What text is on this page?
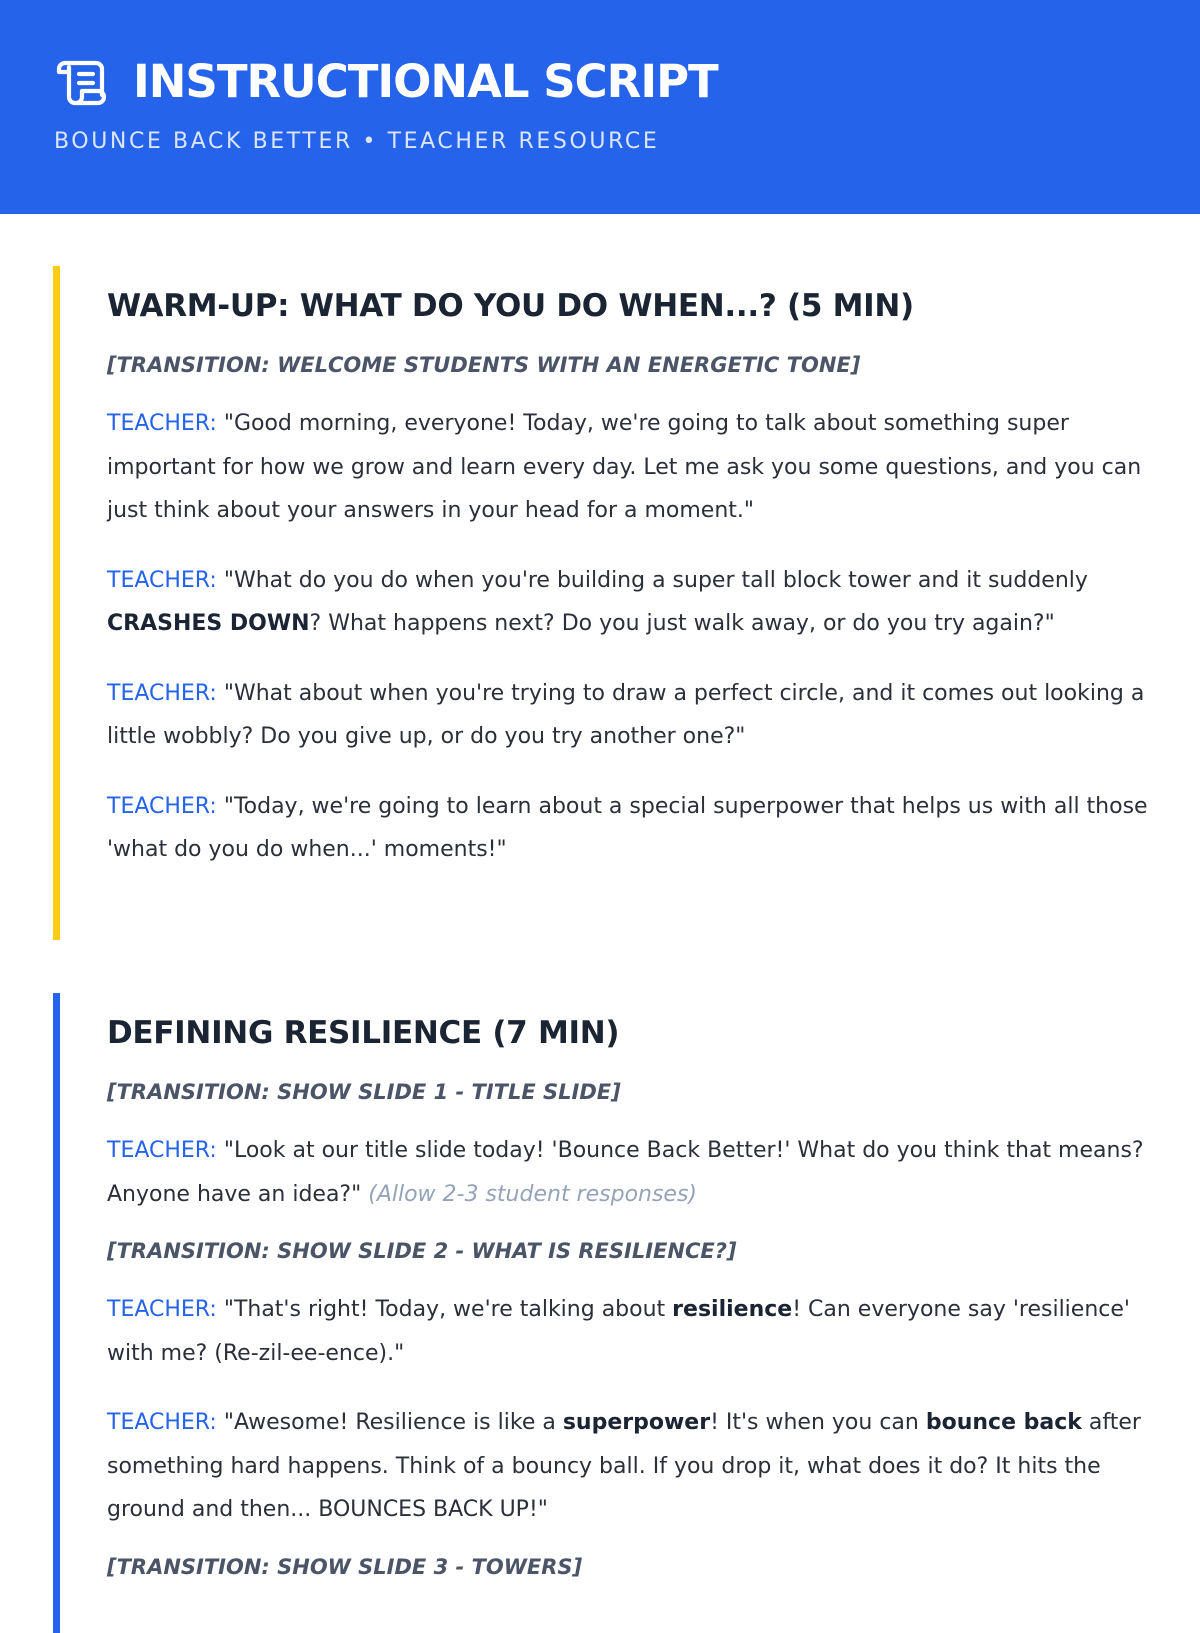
INSTRUCTIONAL SCRIPT
BOUNCE BACK BETTER • TEACHER RESOURCE
WARM-UP: WHAT DO YOU DO WHEN...? (5 MIN)
[TRANSITION: WELCOME STUDENTS WITH AN ENERGETIC TONE]
TEACHER: "Good morning, everyone! Today, we're going to talk about something super important for how we grow and learn every day. Let me ask you some questions, and you can just think about your answers in your head for a moment."
TEACHER: "What do you do when you're building a super tall block tower and it suddenly CRASHES DOWN? What happens next? Do you just walk away, or do you try again?"
TEACHER: "What about when you're trying to draw a perfect circle, and it comes out looking a little wobbly? Do you give up, or do you try another one?"
TEACHER: "Today, we're going to learn about a special superpower that helps us with all those 'what do you do when...' moments!"
DEFINING RESILIENCE (7 MIN)
[TRANSITION: SHOW SLIDE 1 - TITLE SLIDE]
TEACHER: "Look at our title slide today! 'Bounce Back Better!' What do you think that means? Anyone have an idea?" (Allow 2-3 student responses)
[TRANSITION: SHOW SLIDE 2 - WHAT IS RESILIENCE?]
TEACHER: "That's right! Today, we're talking about resilience! Can everyone say 'resilience' with me? (Re-zil-ee-ence)."
TEACHER: "Awesome! Resilience is like a superpower! It's when you can bounce back after something hard happens. Think of a bouncy ball. If you drop it, what does it do? It hits the ground and then... BOUNCES BACK UP!"
[TRANSITION: SHOW SLIDE 3 - TOWERS]
